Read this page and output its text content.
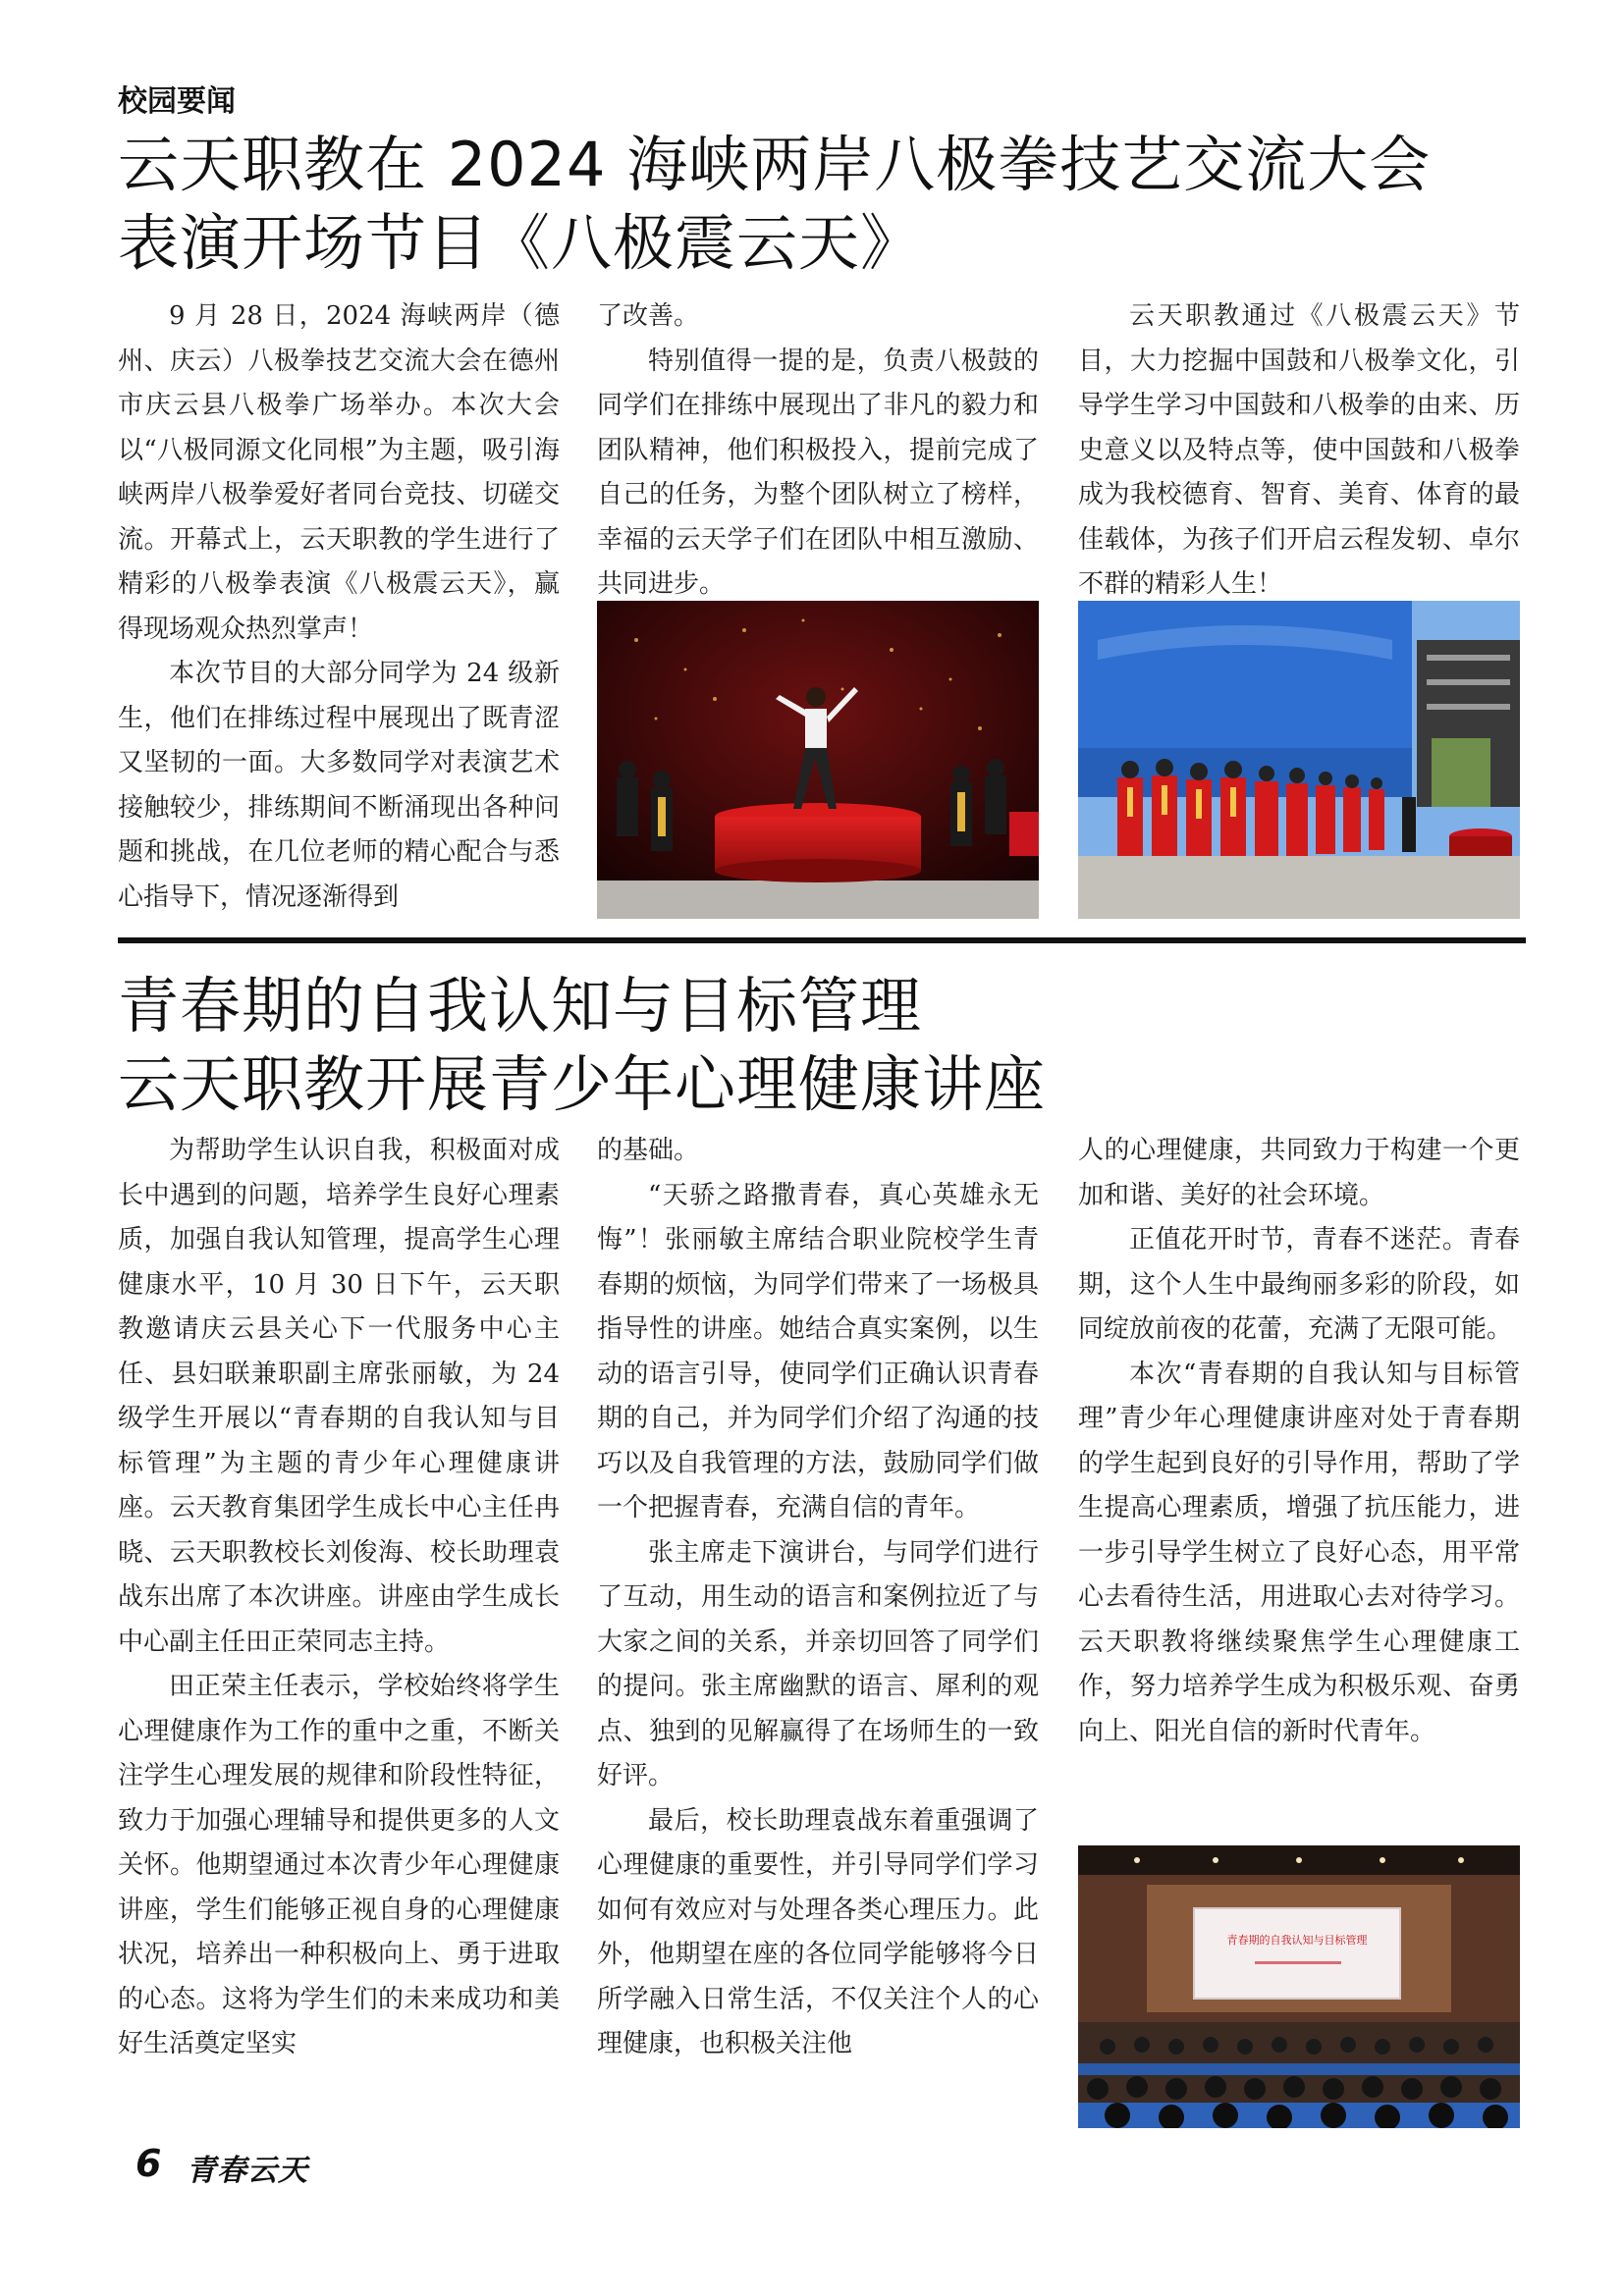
校园要闻
云天职教在 2024 海峡两岸八极拳技艺交流大会
表演开场节目《八极震云天》

9 月 28 日，2024 海峡两岸（德州、庆云）八极拳技艺交流大会在德州市庆云县八极拳广场举办。本次大会以“八极同源文化同根”为主题，吸引海峡两岸八极拳爱好者同台竞技、切磋交流。开幕式上，云天职教的学生进行了精彩的八极拳表演《八极震云天》，赢得现场观众热烈掌声！

本次节目的大部分同学为 24 级新生，他们在排练过程中展现出了既青涩又坚韧的一面。大多数同学对表演艺术接触较少，排练期间不断涌现出各种问题和挑战，在几位老师的精心配合与悉心指导下，情况逐渐得到

了改善。

特别值得一提的是，负责八极鼓的同学们在排练中展现出了非凡的毅力和团队精神，他们积极投入，提前完成了自己的任务，为整个团队树立了榜样，幸福的云天学子们在团队中相互激励、共同进步。

云天职教通过《八极震云天》节目，大力挖掘中国鼓和八极拳文化，引导学生学习中国鼓和八极拳的由来、历史意义以及特点等，使中国鼓和八极拳成为我校德育、智育、美育、体育的最佳载体，为孩子们开启云程发轫、卓尔不群的精彩人生！

青春期的自我认知与目标管理
云天职教开展青少年心理健康讲座

为帮助学生认识自我，积极面对成长中遇到的问题，培养学生良好心理素质，加强自我认知管理，提高学生心理健康水平，10 月 30 日下午，云天职教邀请庆云县关心下一代服务中心主任、县妇联兼职副主席张丽敏，为 24 级学生开展以“青春期的自我认知与目标管理”为主题的青少年心理健康讲座。云天教育集团学生成长中心主任冉晓、云天职教校长刘俊海、校长助理袁战东出席了本次讲座。讲座由学生成长中心副主任田正荣同志主持。

田正荣主任表示，学校始终将学生心理健康作为工作的重中之重，不断关注学生心理发展的规律和阶段性特征，致力于加强心理辅导和提供更多的人文关怀。他期望通过本次青少年心理健康讲座，学生们能够正视自身的心理健康状况，培养出一种积极向上、勇于进取的心态。这将为学生们的未来成功和美好生活奠定坚实

的基础。

“天骄之路撒青春，真心英雄永无悔”！张丽敏主席结合职业院校学生青春期的烦恼，为同学们带来了一场极具指导性的讲座。她结合真实案例，以生动的语言引导，使同学们正确认识青春期的自己，并为同学们介绍了沟通的技巧以及自我管理的方法，鼓励同学们做一个把握青春，充满自信的青年。

张主席走下演讲台，与同学们进行了互动，用生动的语言和案例拉近了与大家之间的关系，并亲切回答了同学们的提问。张主席幽默的语言、犀利的观点、独到的见解赢得了在场师生的一致好评。

最后，校长助理袁战东着重强调了心理健康的重要性，并引导同学们学习如何有效应对与处理各类心理压力。此外，他期望在座的各位同学能够将今日所学融入日常生活，不仅关注个人的心理健康，也积极关注他

人的心理健康，共同致力于构建一个更加和谐、美好的社会环境。

正值花开时节，青春不迷茫。青春期，这个人生中最绚丽多彩的阶段，如同绽放前夜的花蕾，充满了无限可能。

本次“青春期的自我认知与目标管理”青少年心理健康讲座对处于青春期的学生起到良好的引导作用，帮助了学生提高心理素质，增强了抗压能力，进一步引导学生树立了良好心态，用平常心去看待生活，用进取心去对待学习。云天职教将继续聚焦学生心理健康工作，努力培养学生成为积极乐观、奋勇向上、阳光自信的新时代青年。

青春期的自我认知与目标管理
6 青春云天
